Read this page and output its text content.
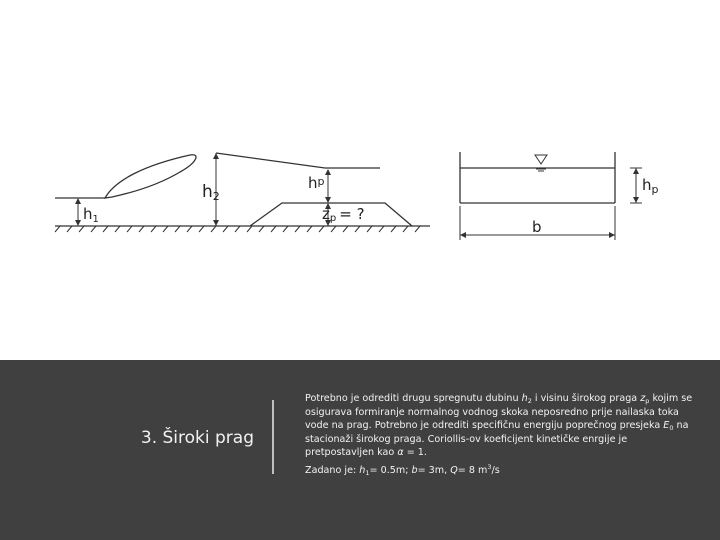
$h_1$
h2
$h^p$
zp = ?
$h_p$
b
3. Široki prag

Potrebno je odrediti drugu spregnutu dubinu $h_2$ i visinu širokog praga $z_p$ kojim se osigurava formiranje normalnog vodnog skoka neposredno prije nailaska toka vode na prag. Potrebno je odrediti specifičnu energiju poprečnog presjeka $E_0$ na stacionaži širokog praga. Coriollis-ov koeficijent kinetičke enrgije je pretpostavljen kao α = 1.

Zadano je: $h_1= 0.5m$; b= 3m, Q= 8 $m^3/s$
